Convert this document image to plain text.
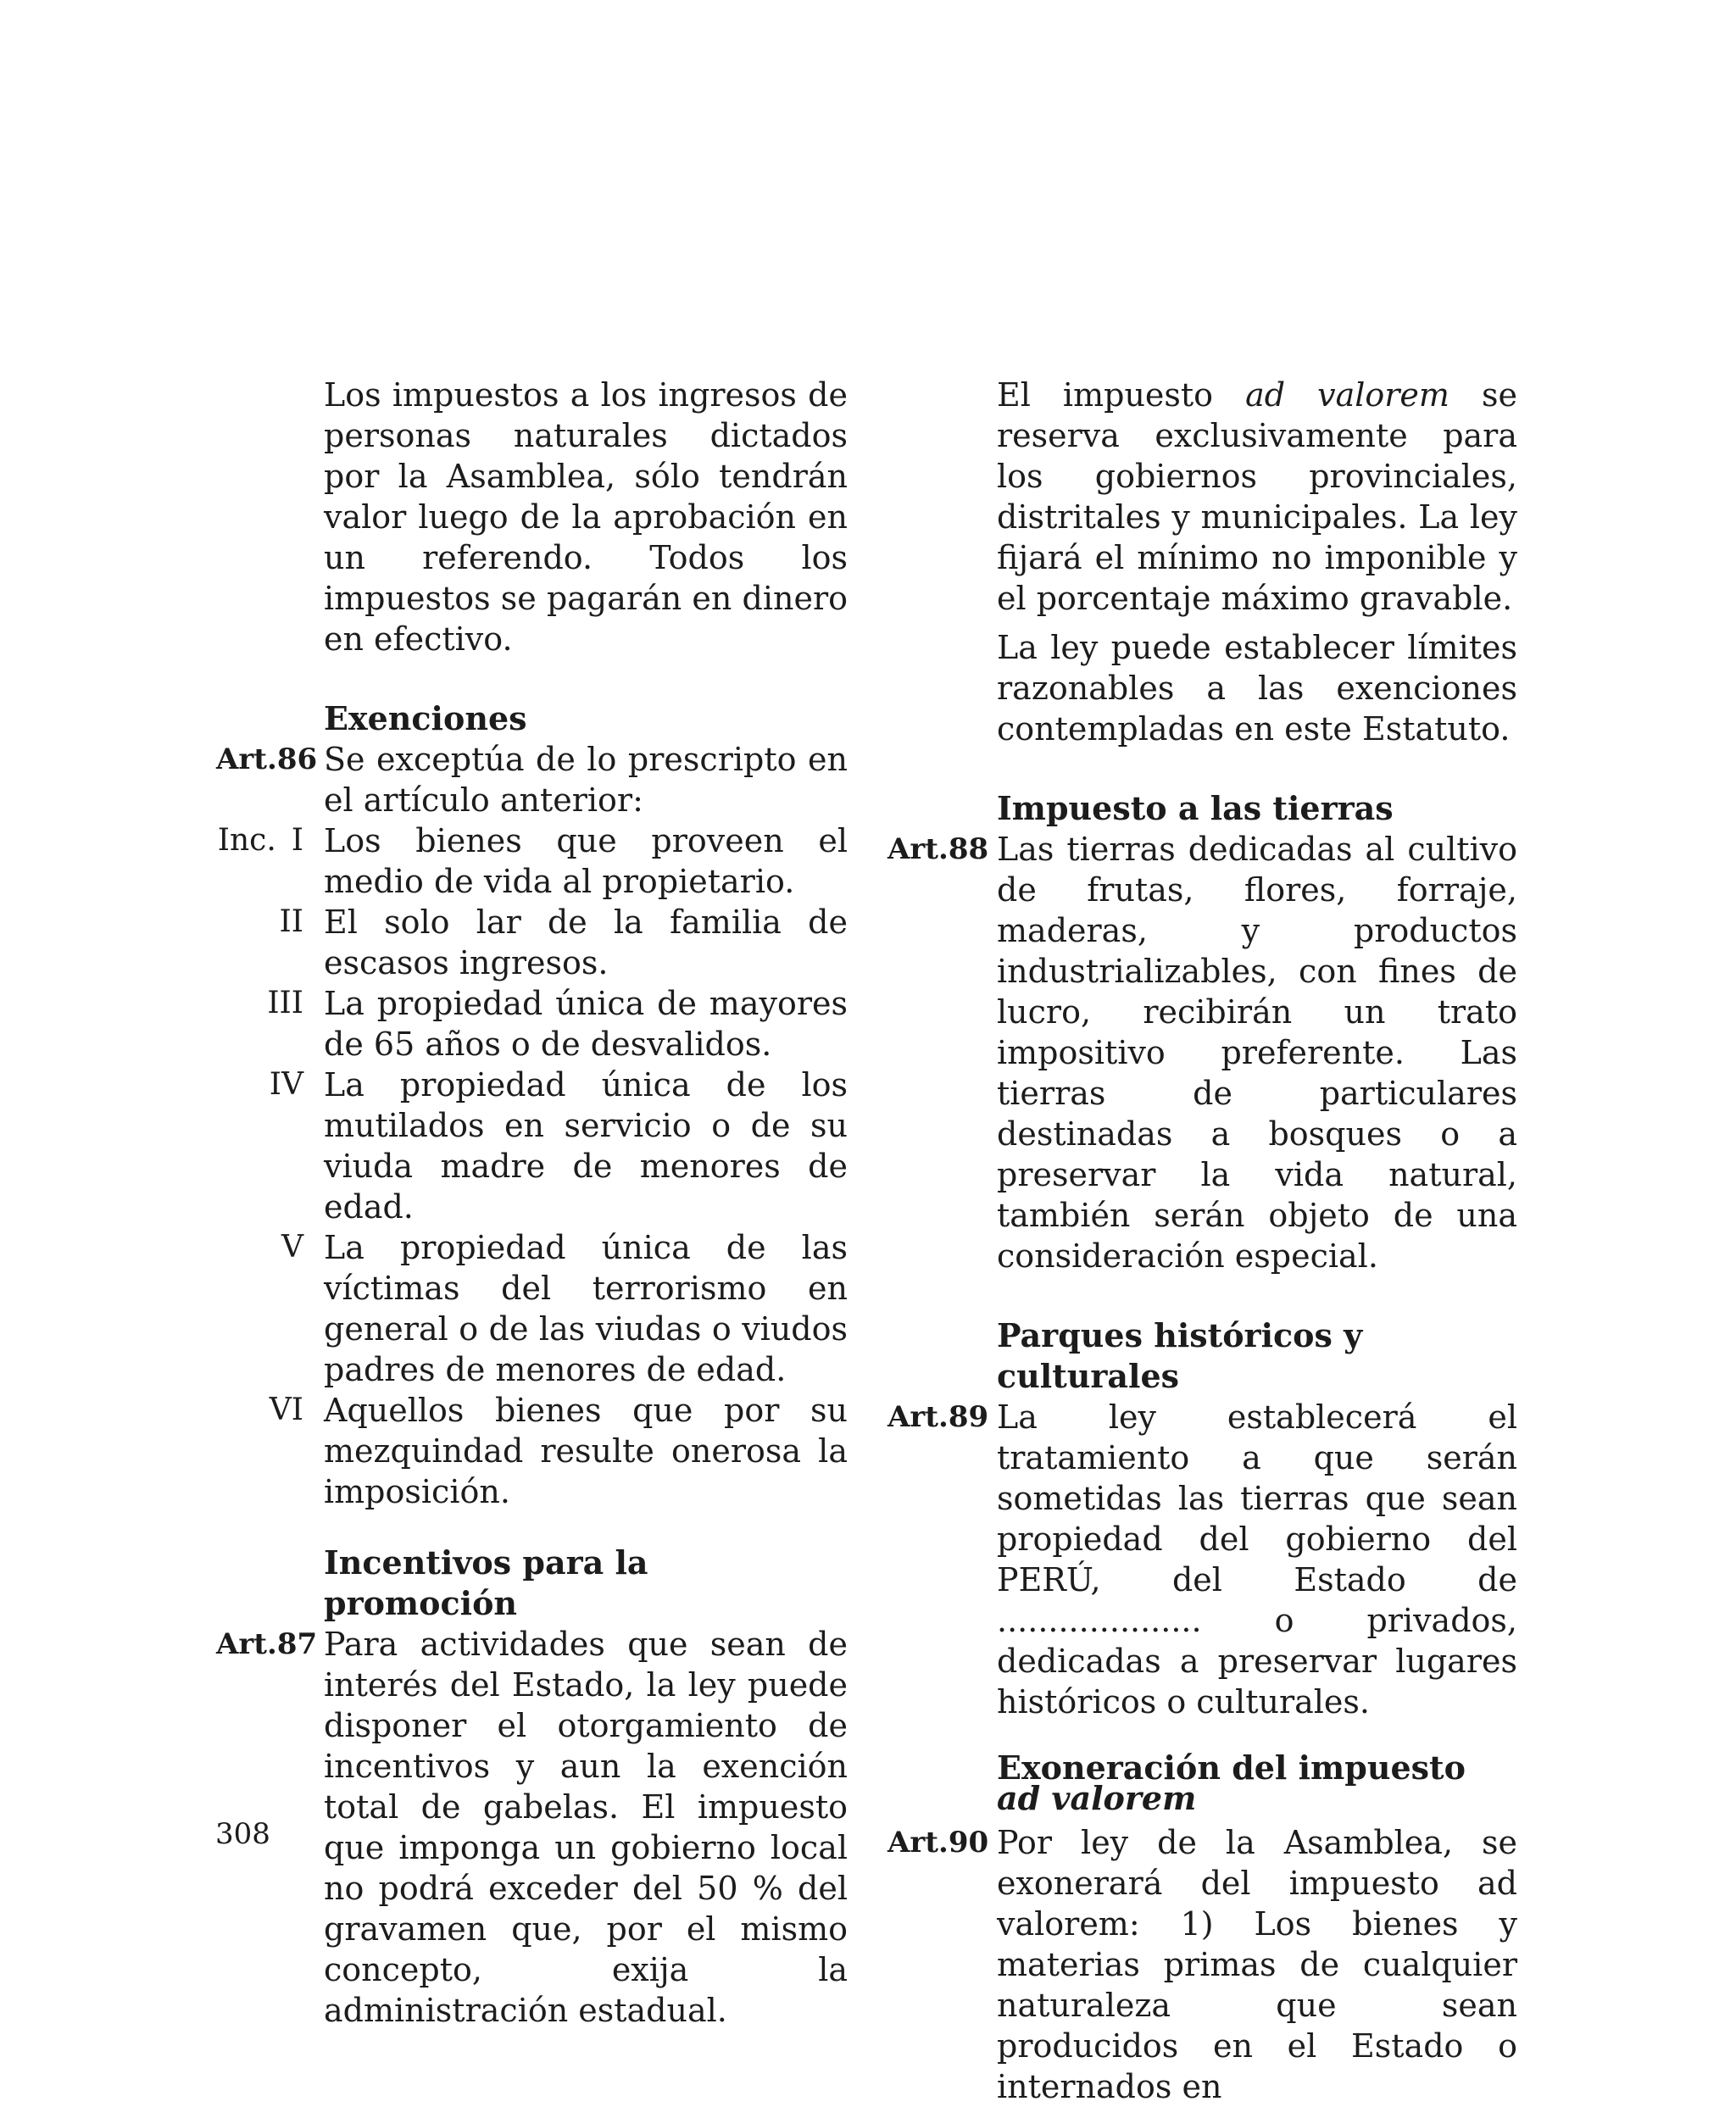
Los impuestos a los ingresos de personas naturales dictados por la Asamblea, sólo tendrán valor luego de la aprobación en un referendo. Todos los impuestos se pagarán en dinero en efectivo.
Exenciones
Art.86 Se exceptúa de lo prescripto en el artículo anterior:
Inc. I Los bienes que proveen el medio de vida al propietario.
II El solo lar de la familia de escasos ingresos.
III La propiedad única de mayores de 65 años o de desvalidos.
IV La propiedad única de los mutilados en servicio o de su viuda madre de menores de edad.
V La propiedad única de las víctimas del terrorismo en general o de las viudas o viudos padres de menores de edad.
VI Aquellos bienes que por su mezquindad resulte onerosa la imposición.
Incentivos para la promoción
Art.87 Para actividades que sean de interés del Estado, la ley puede disponer el otorgamiento de incentivos y aun la exención total de gabelas. El impuesto que imponga un gobierno local no podrá exceder del 50 % del gravamen que, por el mismo concepto, exija la administración estadual.
El impuesto ad valorem se reserva exclusivamente para los gobiernos provinciales, distritales y municipales. La ley fijará el mínimo no imponible y el porcentaje máximo gravable.
La ley puede establecer límites razonables a las exenciones contempladas en este Estatuto.
Impuesto a las tierras
Art.88 Las tierras dedicadas al cultivo de frutas, flores, forraje, maderas, y productos industrializables, con fines de lucro, recibirán un trato impositivo preferente. Las tierras de particulares destinadas a bosques o a preservar la vida natural, también serán objeto de una consideración especial.
Parques históricos y culturales
Art.89 La ley establecerá el tratamiento a que serán sometidas las tierras que sean propiedad del gobierno del PERÚ, del Estado de .................... o privados, dedicadas a preservar lugares históricos o culturales.
Exoneración del impuesto ad valorem
Art.90 Por ley de la Asamblea, se exonerará del impuesto ad valorem: 1) Los bienes y materias primas de cualquier naturaleza que sean producidos en el Estado o internados en
308
